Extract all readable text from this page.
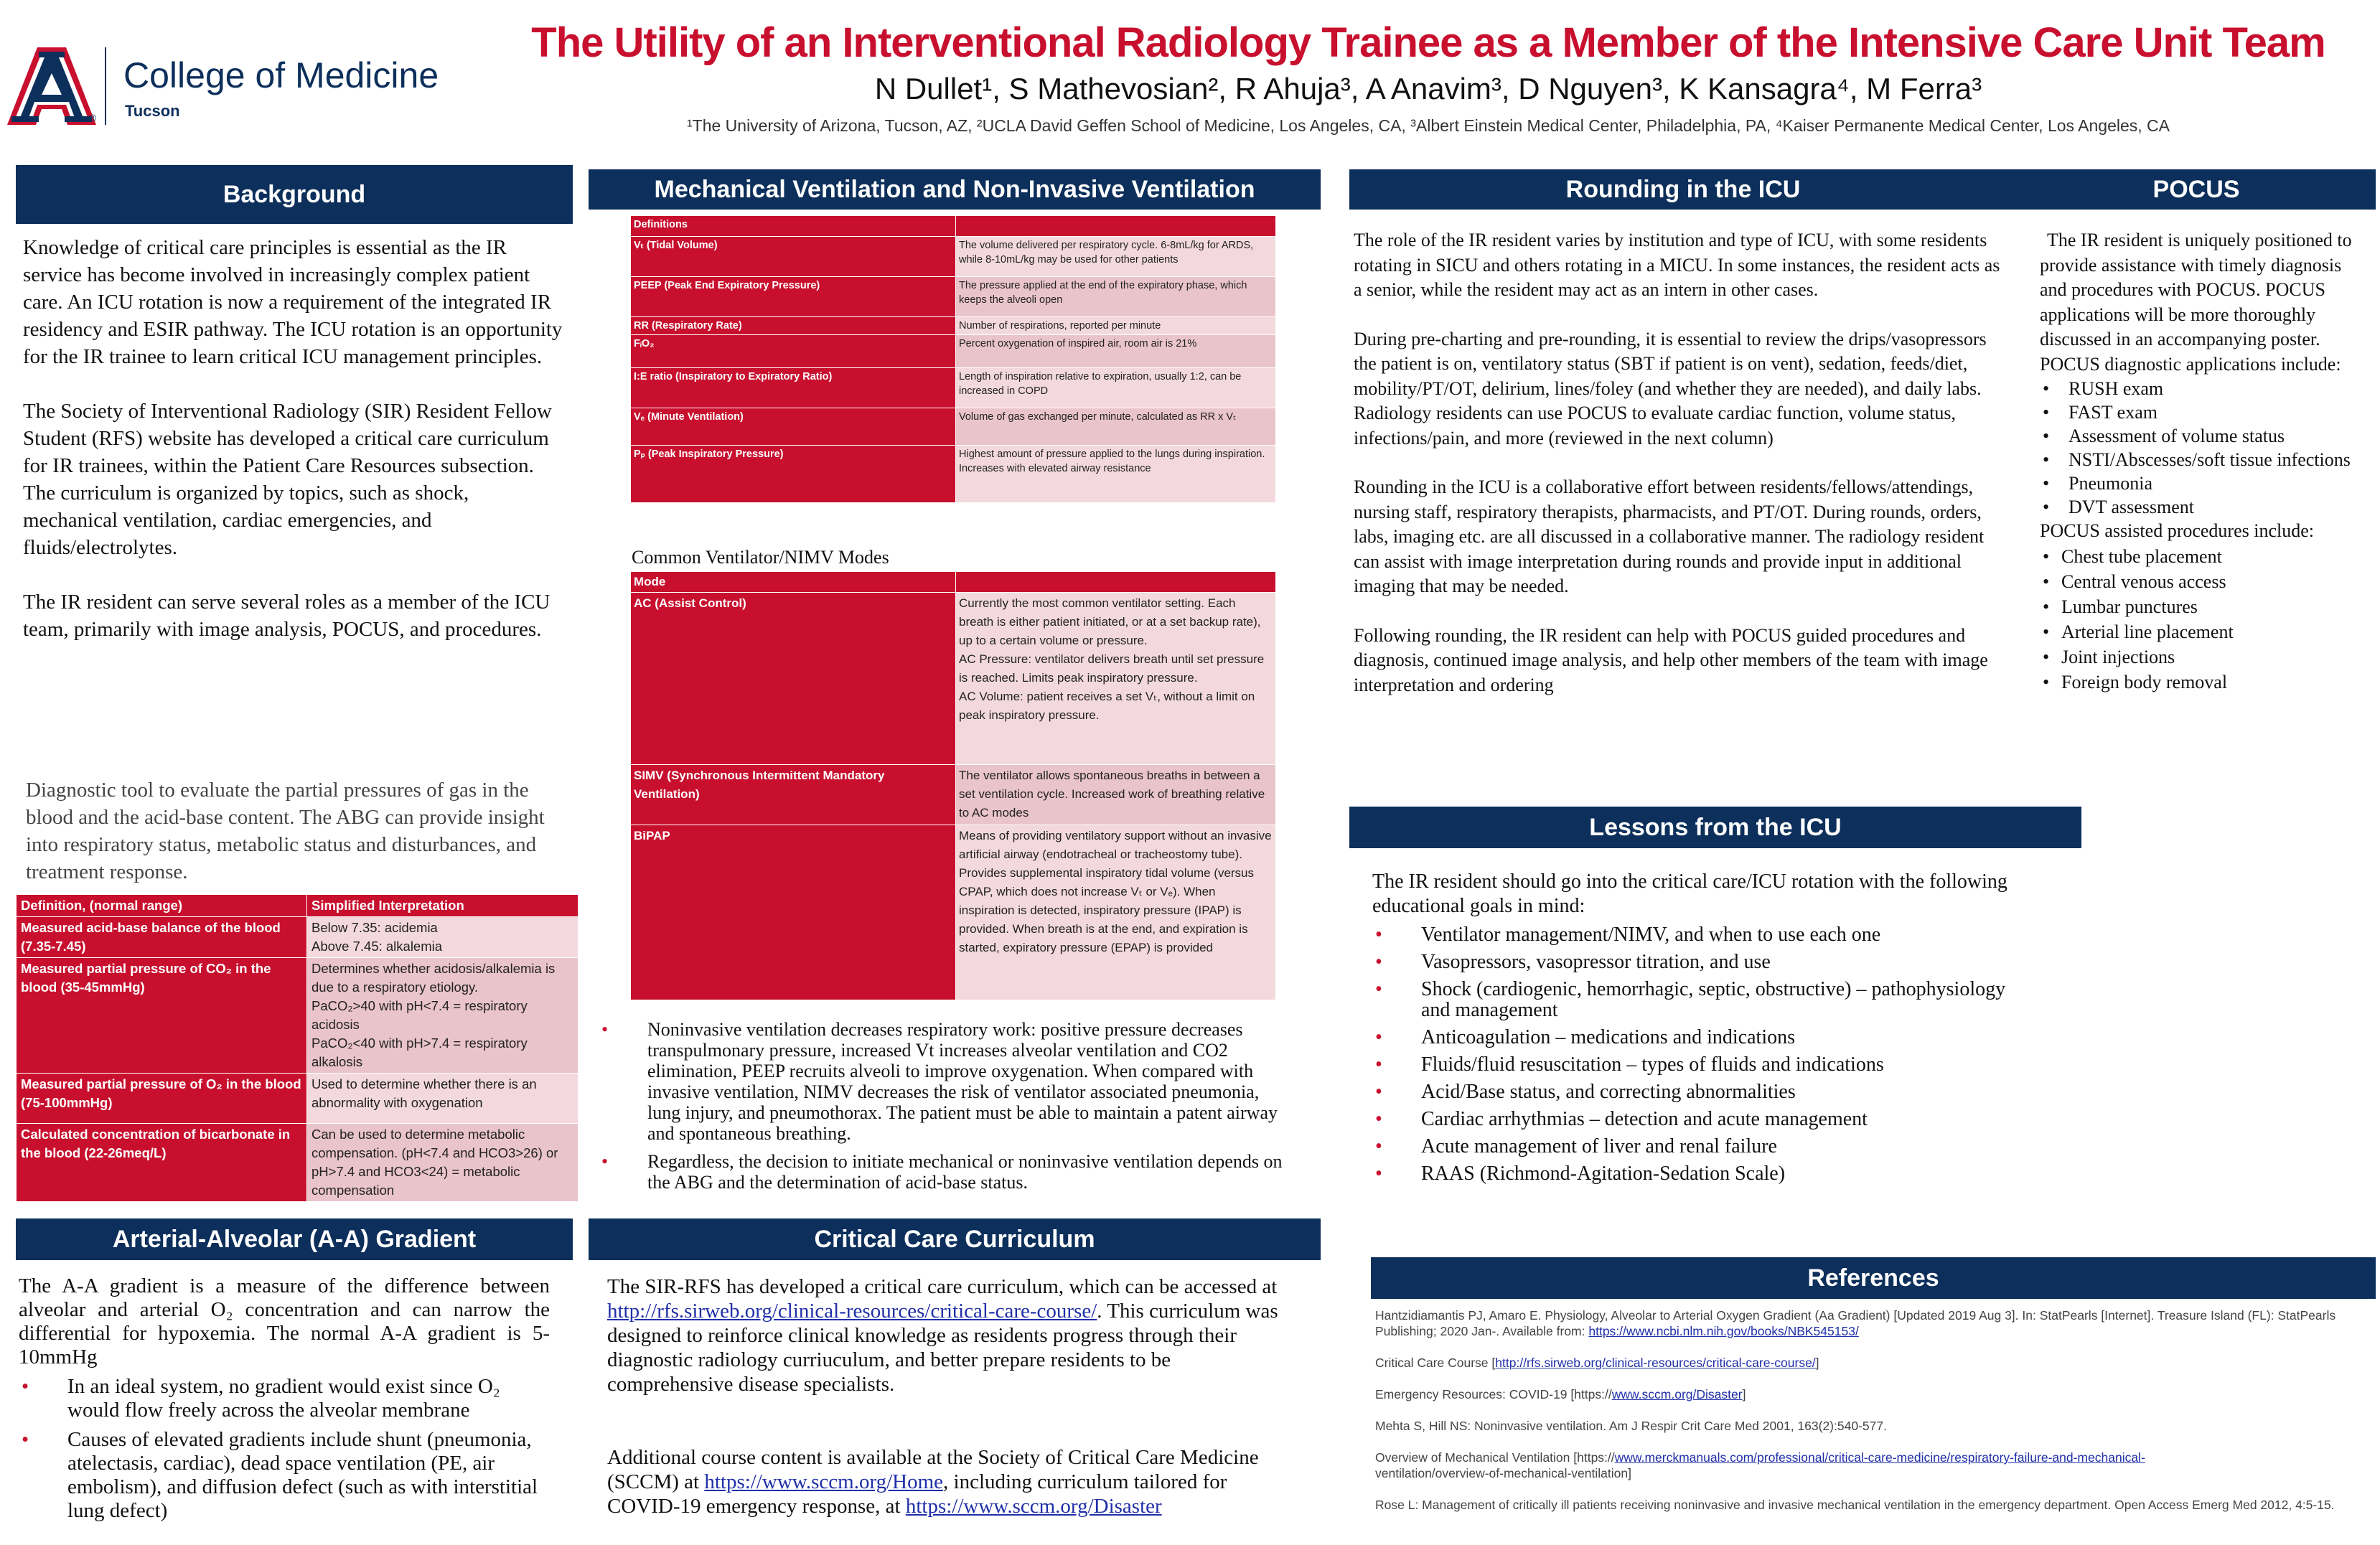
®
College of Medicine
Tucson
The Utility of an Interventional Radiology Trainee as a Member of the Intensive Care Unit Team
N Dullet¹, S Mathevosian², R Ahuja³, A Anavim³, D Nguyen³, K Kansagra⁴, M Ferra³
¹The University of Arizona, Tucson, AZ, ²UCLA David Geffen School of Medicine, Los Angeles, CA, ³Albert Einstein Medical Center, Philadelphia, PA, ⁴Kaiser Permanente Medical Center, Los Angeles, CA
Background

Knowledge of critical care principles is essential as the IR service has become involved in increasingly complex patient care. An ICU rotation is now a requirement of the integrated IR residency and ESIR pathway. The ICU rotation is an opportunity for the IR trainee to learn critical ICU management principles.

The Society of Interventional Radiology (SIR) Resident Fellow Student (RFS) website has developed a critical care curriculum for IR trainees, within the Patient Care Resources subsection. The curriculum is organized by topics, such as shock, mechanical ventilation, cardiac emergencies, and fluids/electrolytes.

The IR resident can serve several roles as a member of the ICU team, primarily with image analysis, POCUS, and procedures.

Diagnostic tool to evaluate the partial pressures of gas in the blood and the acid-base content. The ABG can provide insight into respiratory status, metabolic status and disturbances, and treatment response.
Definition, (normal range)	Simplified Interpretation
Measured acid-base balance of the blood (7.35-7.45)	Below 7.35: acidemia
Above 7.45: alkalemia
Measured partial pressure of CO₂ in the blood (35-45mmHg)	Determines whether acidosis/alkalemia is due to a respiratory etiology.
PaCO₂>40 with pH<7.4 = respiratory acidosis
PaCO₂<40 with pH>7.4 = respiratory alkalosis
Measured partial pressure of O₂ in the blood (75-100mmHg)	Used to determine whether there is an abnormality with oxygenation
Calculated concentration of bicarbonate in the blood (22-26meq/L)	Can be used to determine metabolic compensation. (pH<7.4 and HCO3>26) or pH>7.4 and HCO3<24) = metabolic compensation
Arterial-Alveolar (A-A) Gradient
The A-A gradient is a measure of the difference between alveolar and arterial O₂ concentration and can narrow the differential for hypoxemia. The normal A-A gradient is 5-10mmHg
• In an ideal system, no gradient would exist since O₂ would flow freely across the alveolar membrane
• Causes of elevated gradients include shunt (pneumonia, atelectasis, cardiac), dead space ventilation (PE, air embolism), and diffusion defect (such as with interstitial lung defect)
Mechanical Ventilation and Non-Invasive Ventilation
Definitions	
Vₜ (Tidal Volume)	The volume delivered per respiratory cycle. 6-8mL/kg for ARDS, while 8-10mL/kg may be used for other patients
PEEP (Peak End Expiratory Pressure)	The pressure applied at the end of the expiratory phase, which keeps the alveoli open
RR (Respiratory Rate)	Number of respirations, reported per minute
FᵢO₂	Percent oxygenation of inspired air, room air is 21%
I:E ratio (Inspiratory to Expiratory Ratio)	Length of inspiration relative to expiration, usually 1:2, can be increased in COPD
Vₑ (Minute Ventilation)	Volume of gas exchanged per minute, calculated as RR x Vₜ
Pₚ (Peak Inspiratory Pressure)	Highest amount of pressure applied to the lungs during inspiration. Increases with elevated airway resistance
Common Ventilator/NIMV Modes
Mode	
AC (Assist Control)	Currently the most common ventilator setting. Each breath is either patient initiated, or at a set backup rate), up to a certain volume or pressure.
AC Pressure: ventilator delivers breath until set pressure is reached. Limits peak inspiratory pressure.
AC Volume: patient receives a set Vₜ, without a limit on peak inspiratory pressure.
SIMV (Synchronous Intermittent Mandatory Ventilation)	The ventilator allows spontaneous breaths in between a set ventilation cycle. Increased work of breathing relative to AC modes
BiPAP	Means of providing ventilatory support without an invasive artificial airway (endotracheal or tracheostomy tube). Provides supplemental inspiratory tidal volume (versus CPAP, which does not increase Vₜ or Vₑ). When inspiration is detected, inspiratory pressure (IPAP) is provided. When breath is at the end, and expiration is started, expiratory pressure (EPAP) is provided
• Noninvasive ventilation decreases respiratory work: positive pressure decreases transpulmonary pressure, increased Vt increases alveolar ventilation and CO2 elimination, PEEP recruits alveoli to improve oxygenation. When compared with invasive ventilation, NIMV decreases the risk of ventilator associated pneumonia, lung injury, and pneumothorax. The patient must be able to maintain a patent airway and spontaneous breathing.
• Regardless, the decision to initiate mechanical or noninvasive ventilation depends on the ABG and the determination of acid-base status.
Critical Care Curriculum

The SIR-RFS has developed a critical care curriculum, which can be accessed at http://rfs.sirweb.org/clinical-resources/critical-care-course/. This curriculum was designed to reinforce clinical knowledge as residents progress through their diagnostic radiology curriuculum, and better prepare residents to be comprehensive disease specialists.

Additional course content is available at the Society of Critical Care Medicine (SCCM) at https://www.sccm.org/Home, including curriculum tailored for COVID-19 emergency response, at https://www.sccm.org/Disaster

Rounding in the ICU	POCUS

The role of the IR resident varies by institution and type of ICU, with some residents rotating in SICU and others rotating in a MICU. In some instances, the resident acts as a senior, while the resident may act as an intern in other cases.

During pre-charting and pre-rounding, it is essential to review the drips/vasopressors the patient is on, ventilatory status (SBT if patient is on vent), sedation, feeds/diet, mobility/PT/OT, delirium, lines/foley (and whether they are needed), and daily labs. Radiology residents can use POCUS to evaluate cardiac function, volume status, infections/pain, and more (reviewed in the next column)

Rounding in the ICU is a collaborative effort between residents/fellows/attendings, nursing staff, respiratory therapists, pharmacists, and PT/OT. During rounds, orders, labs, imaging etc. are all discussed in a collaborative manner. The radiology resident can assist with image interpretation during rounds and provide input in additional imaging that may be needed.

Following rounding, the IR resident can help with POCUS guided procedures and diagnosis, continued image analysis, and help other members of the team with image interpretation and ordering

The IR resident is uniquely positioned to provide assistance with timely diagnosis and procedures with POCUS. POCUS applications will be more thoroughly discussed in an accompanying poster.
POCUS diagnostic applications include:
• RUSH exam
• FAST exam
• Assessment of volume status
• NSTI/Abscesses/soft tissue infections
• Pneumonia
• DVT assessment
POCUS assisted procedures include:
• Chest tube placement
• Central venous access
• Lumbar punctures
• Arterial line placement
• Joint injections
• Foreign body removal
Lessons from the ICU
The IR resident should go into the critical care/ICU rotation with the following educational goals in mind:
• Ventilator management/NIMV, and when to use each one
• Vasopressors, vasopressor titration, and use
• Shock (cardiogenic, hemorrhagic, septic, obstructive) – pathophysiology and management
• Anticoagulation – medications and indications
• Fluids/fluid resuscitation – types of fluids and indications
• Acid/Base status, and correcting abnormalities
• Cardiac arrhythmias – detection and acute management
• Acute management of liver and renal failure
• RAAS (Richmond-Agitation-Sedation Scale)
References
Hantzidiamantis PJ, Amaro E. Physiology, Alveolar to Arterial Oxygen Gradient (Aa Gradient) [Updated 2019 Aug 3]. In: StatPearls [Internet]. Treasure Island (FL): StatPearls Publishing; 2020 Jan-. Available from: https://www.ncbi.nlm.nih.gov/books/NBK545153/
Critical Care Course [http://rfs.sirweb.org/clinical-resources/critical-care-course/]
Emergency Resources: COVID-19 [https://www.sccm.org/Disaster]
Mehta S, Hill NS: Noninvasive ventilation. Am J Respir Crit Care Med 2001, 163(2):540-577.
Overview of Mechanical Ventilation [https://www.merckmanuals.com/professional/critical-care-medicine/respiratory-failure-and-mechanical-
ventilation/overview-of-mechanical-ventilation]
Rose L: Management of critically ill patients receiving noninvasive and invasive mechanical ventilation in the emergency department. Open Access Emerg Med 2012, 4:5-15.
